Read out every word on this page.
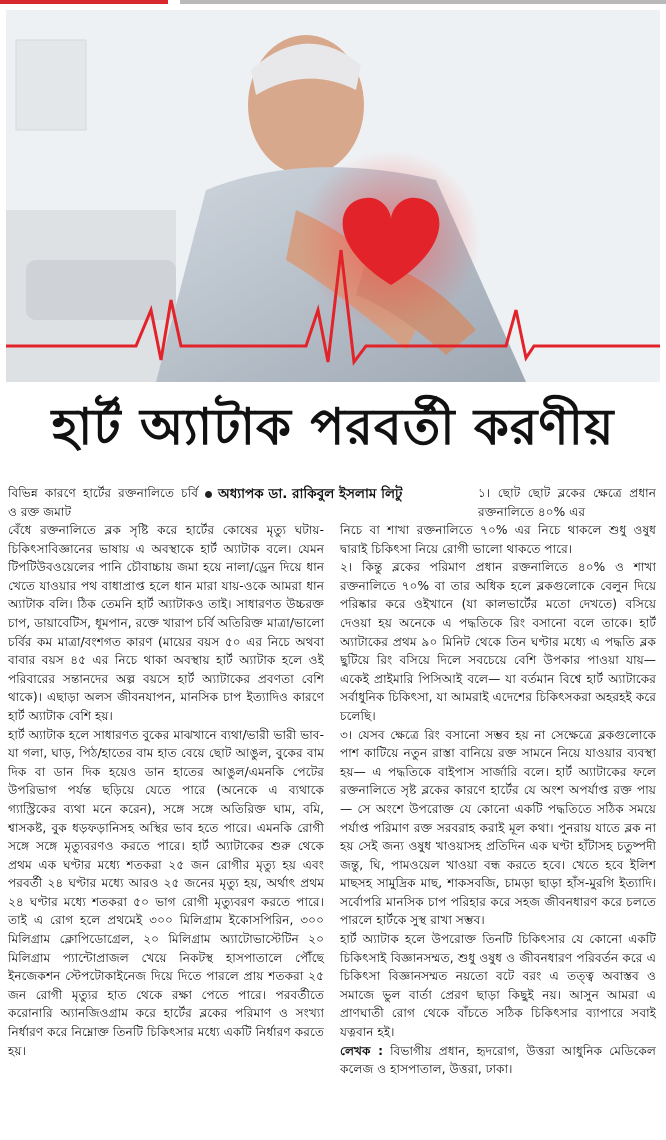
হার্ট অ্যাটাক পরবর্তী করণীয়
অধ্যাপক ডা. রাকিবুল ইসলাম লিটু

বিভিন্ন কারণে হার্টের রক্তনালিতে চর্বি ও রক্ত জমাট

বেঁধে রক্তনালিতে ব্লক সৃষ্টি করে হার্টের কোষের মৃত্যু ঘটায়-চিকিৎসাবিজ্ঞানের ভাষায় এ অবস্থাকে হার্ট অ্যাটাক বলে। যেমন টিপটিউবওয়েলের পানি চৌবাচ্চায় জমা হয়ে নালা/ড্রেন দিয়ে ধান খেতে যাওয়ার পথ বাধাপ্রাপ্ত হলে ধান মারা যায়-ওকে আমরা ধান অ্যাটাক বলি। ঠিক তেমনি হার্ট অ্যাটাকও তাই। সাধারণত উচ্চরক্ত চাপ, ডায়াবেটিস, ধূমপান, রক্তে খারাপ চর্বি অতিরিক্ত মাত্রা/ভালো চর্বির কম মাত্রা/বংশগত কারণ (মায়ের বয়স ৫০ এর নিচে অথবা বাবার বয়স ৪৫ এর নিচে থাকা অবস্থায় হার্ট অ্যাটাক হলে ওই পরিবারের সন্তানদের অল্প বয়সে হার্ট অ্যাটাকের প্রবণতা বেশি থাকে)। এছাড়া অলস জীবনযাপন, মানসিক চাপ ইত্যাদিও কারণে হার্ট অ্যাটাক বেশি হয়।

হার্ট অ্যাটাক হলে সাধারণত বুকের মাঝখানে ব্যথা/ভারী ভারী ভাব-যা গলা, ঘাড়, পিঠ/হাতের বাম হাত বেয়ে ছোট আঙুল, বুকের বাম দিক বা ডান দিক হয়েও ডান হাতের আঙুল/এমনকি পেটের উপরিভাগ পর্যন্ত ছড়িয়ে যেতে পারে (অনেকে এ ব্যথাকে গ্যাস্ট্রিকের ব্যথা মনে করেন), সঙ্গে সঙ্গে অতিরিক্ত ঘাম, বমি, শ্বাসকষ্ট, বুক ধড়ফড়ানিসহ অস্থির ভাব হতে পারে। এমনকি রোগী সঙ্গে সঙ্গে মৃত্যুবরণও করতে পারে। হার্ট অ্যাটাকের শুরু থেকে প্রথম এক ঘণ্টার মধ্যে শতকরা ২৫ জন রোগীর মৃত্যু হয় এবং পরবর্তী ২৪ ঘণ্টার মধ্যে আরও ২৫ জনের মৃত্যু হয়, অর্থাৎ প্রথম ২৪ ঘণ্টার মধ্যে শতকরা ৫০ ভাগ রোগী মৃত্যুবরণ করতে পারে। তাই এ রোগ হলে প্রথমেই ৩০০ মিলিগ্রাম ইকোসপিরিন, ৩০০ মিলিগ্রাম ক্লোপিডোগ্রেল, ২০ মিলিগ্রাম অ্যাটোভাস্টেটিন ২০ মিলিগ্রাম প্যান্টোপ্রাজল খেয়ে নিকটস্থ হাসপাতালে পৌঁছে ইনজেকশন স্টেপটোকাইনেজ দিয়ে দিতে পারলে প্রায় শতকরা ২৫ জন রোগী মৃত্যুর হাত থেকে রক্ষা পেতে পারে। পরবর্তীতে করোনারি অ্যানজিওগ্রাম করে হার্টের ব্লকের পরিমাণ ও সংখ্যা নির্ধারণ করে নিম্নোক্ত তিনটি চিকিৎসার মধ্যে একটি নির্ধারণ করতে হয়।

১। ছোট ছোট ব্লকের ক্ষেত্রে প্রধান রক্তনালিতে ৪০% এর

নিচে বা শাখা রক্তনালিতে ৭০% এর নিচে থাকলে শুধু ওষুধ দ্বারাই চিকিৎসা নিয়ে রোগী ভালো থাকতে পারে।

২। কিন্তু ব্লকের পরিমাণ প্রধান রক্তনালিতে ৪০% ও শাখা রক্তনালিতে ৭০% বা তার অধিক হলে ব্লকগুলোকে বেলুন দিয়ে পরিষ্কার করে ওইখানে (যা কালভার্টের মতো দেখতে) বসিয়ে দেওয়া হয় অনেকে এ পদ্ধতিকে রিং বসানো বলে তাকে। হার্ট অ্যাটাকের প্রথম ৯০ মিনিট থেকে তিন ঘণ্টার মধ্যে এ পদ্ধতি ব্লক ছুটিয়ে রিং বসিয়ে দিলে সবচেয়ে বেশি উপকার পাওয়া যায়—একেই প্রাইমারি পিসিআই বলে— যা বর্তমান বিশ্বে হার্ট অ্যাটাকের সর্বাধুনিক চিকিৎসা, যা আমরাই এদেশের চিকিৎসকরা অহরহই করে চলেছি।

৩। যেসব ক্ষেত্রে রিং বসানো সম্ভব হয় না সেক্ষেত্রে ব্লকগুলোকে পাশ কাটিয়ে নতুন রাস্তা বানিয়ে রক্ত সামনে নিয়ে যাওয়ার ব্যবস্থা হয়— এ পদ্ধতিকে বাইপাস সার্জারি বলে। হার্ট অ্যাটাকের ফলে রক্তনালিতে সৃষ্ট ব্লকের কারণে হার্টের যে অংশ অপর্যাপ্ত রক্ত পায়— সে অংশে উপরোক্ত যে কোনো একটি পদ্ধতিতে সঠিক সময়ে পর্যাপ্ত পরিমাণ রক্ত সরবরাহ করাই মূল কথা। পুনরায় যাতে ব্লক না হয় সেই জন্য ওষুধ খাওয়াসহ প্রতিদিন এক ঘণ্টা হাঁটাসহ চতুষ্পদী জন্তু, ঘি, পামওয়েল খাওয়া বন্ধ করতে হবে। খেতে হবে ইলিশ মাছসহ সামুদ্রিক মাছ, শাকসবজি, চামড়া ছাড়া হাঁস-মুরগি ইত্যাদি। সর্বোপরি মানসিক চাপ পরিহার করে সহজ জীবনধারণ করে চলতে পারলে হার্টকে সুস্থ রাখা সম্ভব।

হার্ট অ্যাটাক হলে উপরোক্ত তিনটি চিকিৎসার যে কোনো একটি চিকিৎসাই বিজ্ঞানসম্মত, শুধু ওষুধ ও জীবনধারণ পরিবর্তন করে এ চিকিৎসা বিজ্ঞানসম্মত নয়তো বটে বরং এ তত্ত্ব অবাস্তব ও সমাজে ভুল বার্তা প্রেরণ ছাড়া কিছুই নয়। আসুন আমরা এ প্রাণঘাতী রোগ থেকে বাঁচতে সঠিক চিকিৎসার ব্যাপারে সবাই যত্নবান হই।

লেখক : বিভাগীয় প্রধান, হৃদরোগ, উত্তরা আধুনিক মেডিকেল কলেজ ও হাসপাতাল, উত্তরা, ঢাকা।
